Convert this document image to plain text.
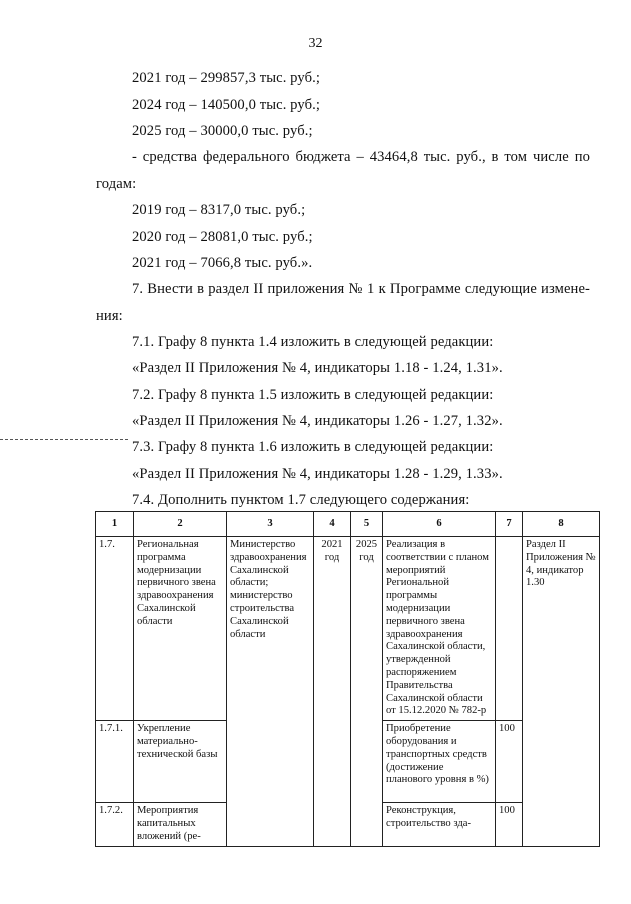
32
2021 год – 299857,3 тыс. руб.;
2024 год – 140500,0 тыс. руб.;
2025 год – 30000,0 тыс. руб.;
- средства федерального бюджета – 43464,8 тыс. руб., в том числе по
годам:
2019 год – 8317,0 тыс. руб.;
2020 год – 28081,0 тыс. руб.;
2021 год – 7066,8 тыс. руб.».
7. Внести в раздел II приложения № 1 к Программе следующие измене-
ния:
7.1. Графу 8 пункта 1.4 изложить в следующей редакции:
«Раздел II Приложения № 4, индикаторы 1.18 - 1.24, 1.31».
7.2. Графу 8 пункта 1.5 изложить в следующей редакции:
«Раздел II Приложения № 4, индикаторы 1.26 - 1.27, 1.32».
7.3. Графу 8 пункта 1.6 изложить в следующей редакции:
«Раздел II Приложения № 4, индикаторы 1.28 - 1.29, 1.33».
7.4. Дополнить пунктом 1.7 следующего содержания:
1	2	3	4	5	6	7	8
1.7.	Региональная программа модернизации первичного звена здравоохранения Сахалинской области	Министерство здравоохранения Сахалинской области; министерство строительства Сахалинской области	2021 год	2025 год	Реализация в соответствии с планом мероприятий Региональной программы модернизации первичного звена здравоохранения Сахалинской области, утвержденной распоряжением Правительства Сахалинской области от 15.12.2020 № 782-р		Раздел II Приложения № 4, индикатор 1.30
1.7.1.	Укрепление материально-технической базы				Приобретение оборудования и транспортных средств (достижение планового уровня в %)	100	
1.7.2.	Мероприятия капитальных вложений (ре-				Реконструкция, строительство зда-	100	
